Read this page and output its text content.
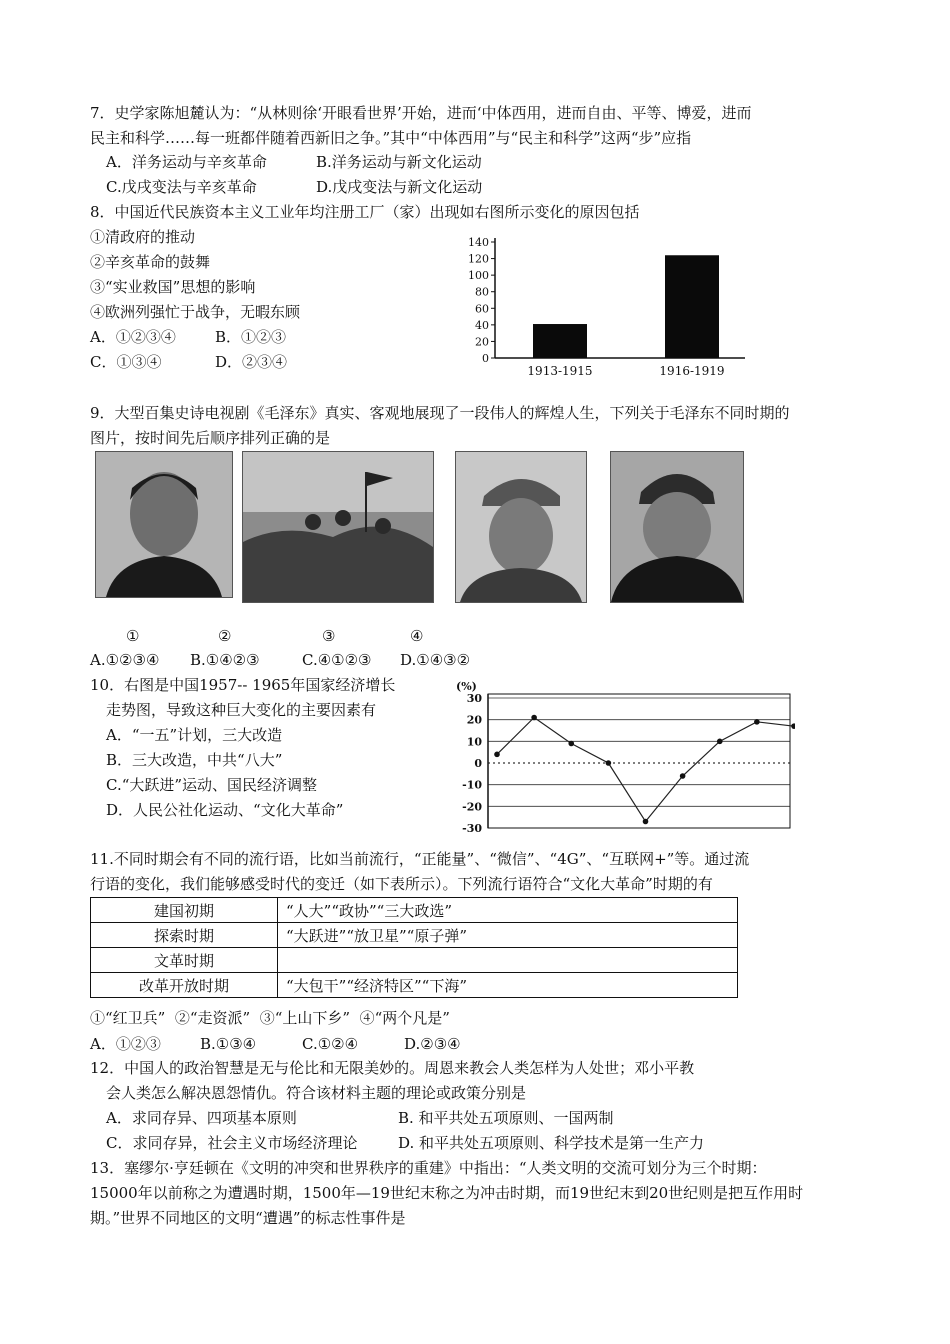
7．史学家陈旭麓认为：“从林则徐‘开眼看世界’开始，进而‘中体西用，进而自由、平等、博爱，进而
民主和科学……每一班都伴随着西新旧之争。”其中“中体西用”与“民主和科学”这两“步”应指
A．洋务运动与辛亥革命	B.洋务运动与新文化运动
C.戊戌变法与辛亥革命	D.戊戌变法与新文化运动
8．中国近代民族资本主义工业年均注册工厂（家）出现如右图所示变化的原因包括
①清政府的推动
②辛亥革命的鼓舞
③“实业救国”思想的影响
④欧洲列强忙于战争，无暇东顾
A．①②③④	B．①②③
C．①③④	D．②③④	0
20
40
60
80
100
120
140
1913-1915	1916-1919
9．大型百集史诗电视剧《毛泽东》真实、客观地展现了一段伟人的辉煌人生，下列关于毛泽东不同时期的
图片，按时间先后顺序排列正确的是
①	②	③	④
A.①②③④ B.①④②③	C.④①②③ D.①④③②
10．右图是中国1957-- 1965年国家经济增长
走势图，导致这种巨大变化的主要因素有
A．“一五”计划，三大改造
B．三大改造，中共“八大”
C.“大跃进”运动、国民经济调整
D．人民公社化运动、“文化大革命”
(%)
30
20
10
0
-10
-20
-30
11.不同时期会有不同的流行语，比如当前流行，“正能量”、“微信”、“4G”、“互联网+”等。通过流
行语的变化，我们能够感受时代的变迁（如下表所示）。下列流行语符合“文化大革命”时期的有
建国初期	“人大”“政协”“三大政选”
探索时期	“大跃进”“放卫星”“原子弹”
文革时期	
改革开放时期	“大包干”“经济特区”“下海”
①“红卫兵”  ②“走资派”  ③“上山下乡”  ④“两个凡是”
A．①②③	B.①③④	C.①②④	D.②③④
12．中国人的政治智慧是无与伦比和无限美妙的。周恩来教会人类怎样为人处世；邓小平教
会人类怎么解决恩怨情仇。符合该材料主题的理论或政策分别是
A．求同存异、四项基本原则	B. 和平共处五项原则、一国两制
C．求同存异，社会主义市场经济理论	D. 和平共处五项原则、科学技术是第一生产力
13．塞缪尔·亨廷顿在《文明的冲突和世界秩序的重建》中指出：“人类文明的交流可划分为三个时期：
15000年以前称之为遭遇时期，1500年—19世纪末称之为冲击时期，而19世纪末到20世纪则是把互作用时
期。”世界不同地区的文明“遭遇”的标志性事件是
